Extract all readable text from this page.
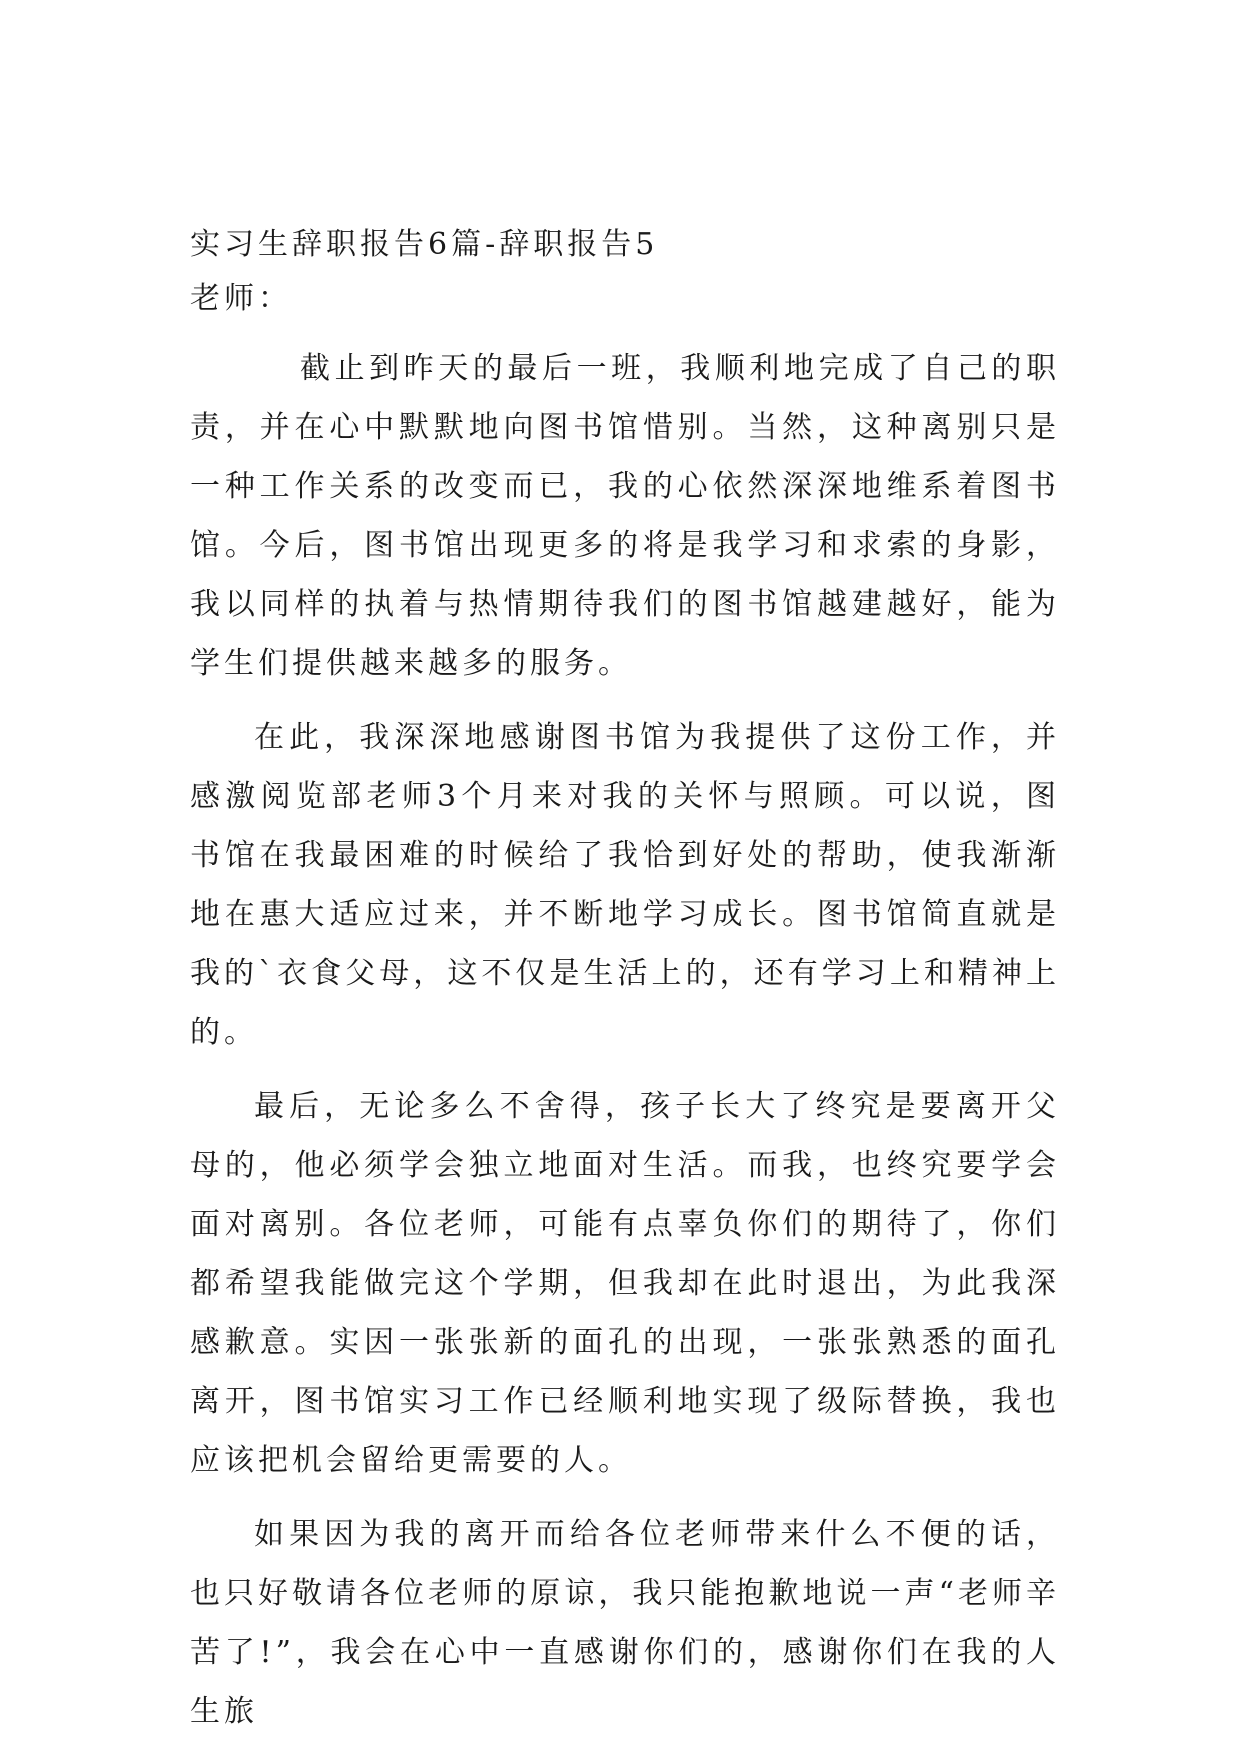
实习生辞职报告6篇-辞职报告5

老师：

截止到昨天的最后一班，我顺利地完成了自己的职责，并在心中默默地向图书馆惜别。当然，这种离别只是一种工作关系的改变而已，我的心依然深深地维系着图书馆。今后，图书馆出现更多的将是我学习和求索的身影，我以同样的执着与热情期待我们的图书馆越建越好，能为学生们提供越来越多的服务。

在此，我深深地感谢图书馆为我提供了这份工作，并感激阅览部老师3个月来对我的关怀与照顾。可以说，图书馆在我最困难的时候给了我恰到好处的帮助，使我渐渐地在惠大适应过来，并不断地学习成长。图书馆简直就是我的`衣食父母，这不仅是生活上的，还有学习上和精神上的。

最后，无论多么不舍得，孩子长大了终究是要离开父母的，他必须学会独立地面对生活。而我，也终究要学会面对离别。各位老师，可能有点辜负你们的期待了，你们都希望我能做完这个学期，但我却在此时退出，为此我深感歉意。实因一张张新的面孔的出现，一张张熟悉的面孔离开，图书馆实习工作已经顺利地实现了级际替换，我也应该把机会留给更需要的人。

如果因为我的离开而给各位老师带来什么不便的话，也只好敬请各位老师的原谅，我只能抱歉地说一声“老师辛苦了!”，我会在心中一直感谢你们的，感谢你们在我的人生旅
